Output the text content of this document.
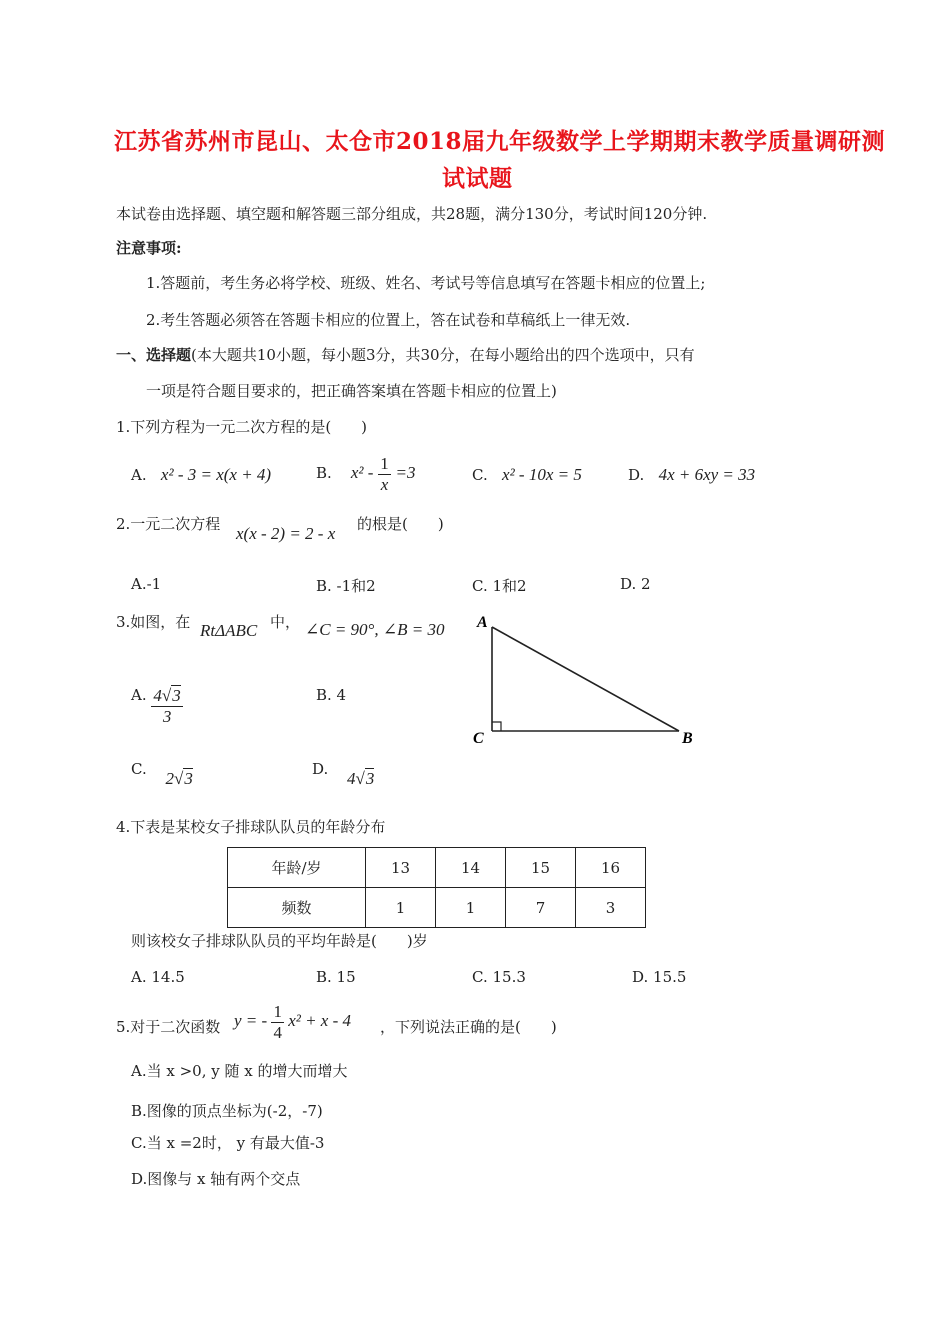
江苏省苏州市昆山、太仓市2018届九年级数学上学期期末教学质量调研测
试试题
本试卷由选择题、填空题和解答题三部分组成，共28题，满分130分，考试时间120分钟.
注意事项:
1.答题前，考生务必将学校、班级、姓名、考试号等信息填写在答题卡相应的位置上;
2.考生答题必须答在答题卡相应的位置上，答在试卷和草稿纸上一律无效.
一、选择题(本大题共10小题，每小题3分，共30分，在每小题给出的四个选项中，只有
一项是符合题目要求的，把正确答案填在答题卡相应的位置上)
1.下列方程为一元二次方程的是(　　)
A. x² - 3 = x(x + 4)	B. $x^2 - \frac{1}{x} =3$	C. x² - 10x = 5	D. 4x + 6xy = 33
2.一元二次方程 x(x - 2) = 2 - x 的根是(　　)
A.-1	B. -1和2	C. 1和2	D. 2
3.如图，在 RtΔABC 中， ∠C = 90°, ∠B = 30
A. $\frac{4√3}{3}$	B. 4
C. 2√3	D. 4√3
A
C	B
4.下表是某校女子排球队队员的年龄分布
年龄/岁	13	14	15	16
频数	1	1	7	3
则该校女子排球队队员的平均年龄是(　　)岁
A. 14.5	B. 15	C. 15.3	D. 15.5
5.对于二次函数 y = - $\frac{1}{4} x^2 + x - 4$ ，下列说法正确的是(　　)
A.当 x >0, y 随 x 的增大而增大
B.图像的顶点坐标为(-2，-7)
C.当 x =2时， y 有最大值-3
D.图像与 x 轴有两个交点
